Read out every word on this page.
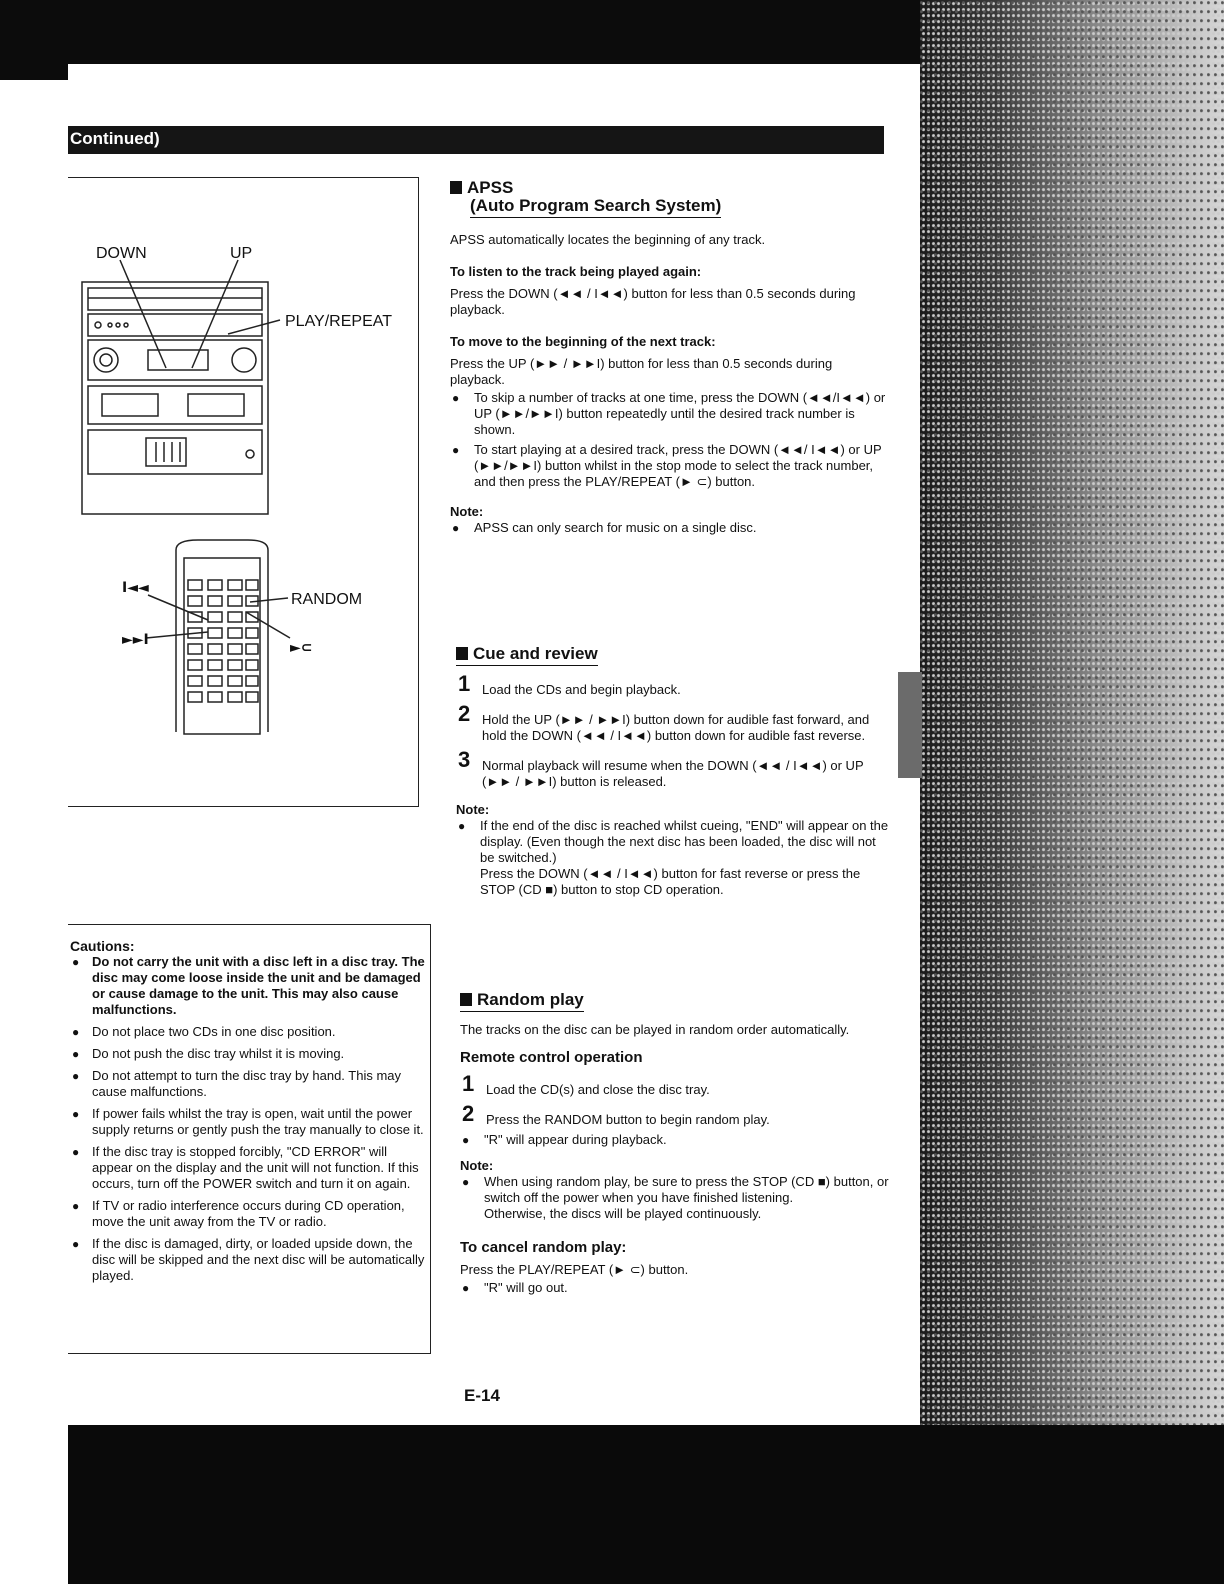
Continued)
DOWN	UP
PLAY/REPEAT
RANDOM
I◄◄
►►I	►⊂
Cautions:
● Do not carry the unit with a disc left in a disc tray. The disc may come loose inside the unit and be damaged or cause damage to the unit. This may also cause malfunctions.
● Do not place two CDs in one disc position.
● Do not push the disc tray whilst it is moving.
● Do not attempt to turn the disc tray by hand. This may cause malfunctions.
● If power fails whilst the tray is open, wait until the power supply returns or gently push the tray manually to close it.
● If the disc tray is stopped forcibly, "CD ERROR" will appear on the display and the unit will not function. If this occurs, turn off the POWER switch and turn it on again.
● If TV or radio interference occurs during CD operation, move the unit away from the TV or radio.
● If the disc is damaged, dirty, or loaded upside down, the disc will be skipped and the next disc will be automatically played.
APSS
(Auto Program Search System)

APSS automatically locates the beginning of any track.

To listen to the track being played again:

Press the DOWN (◄◄ / I◄◄) button for less than 0.5 seconds during playback.

To move to the beginning of the next track:

Press the UP (►► / ►►I) button for less than 0.5 seconds during playback.

● To skip a number of tracks at one time, press the DOWN (◄◄/I◄◄) or UP (►►/►►I) button repeatedly until the desired track number is shown.
● To start playing at a desired track, press the DOWN (◄◄/ I◄◄) or UP (►►/►►I) button whilst in the stop mode to select the track number, and then press the PLAY/REPEAT (► ⊂) button.

Note:

● APSS can only search for music on a single disc.
Cue and review
1 Load the CDs and begin playback.
2 Hold the UP (►► / ►►I) button down for audible fast forward, and hold the DOWN (◄◄ / I◄◄) button down for audible fast reverse.
3 Normal playback will resume when the DOWN (◄◄ / I◄◄) or UP (►► / ►►I) button is released.

Note:

● If the end of the disc is reached whilst cueing, "END" will appear on the display. (Even though the next disc has been loaded, the disc will not be switched.)

Press the DOWN (◄◄ / I◄◄) button for fast reverse or press the STOP (CD ■) button to stop CD operation.

Random play

The tracks on the disc can be played in random order automatically.

Remote control operation

1 Load the CD(s) and close the disc tray.
2 Press the RANDOM button to begin random play.
● "R" will appear during playback.

Note:

● When using random play, be sure to press the STOP (CD ■) button, or switch off the power when you have finished listening.

Otherwise, the discs will be played continuously.

To cancel random play:

Press the PLAY/REPEAT (► ⊂) button.

● "R" will go out.
E-14
